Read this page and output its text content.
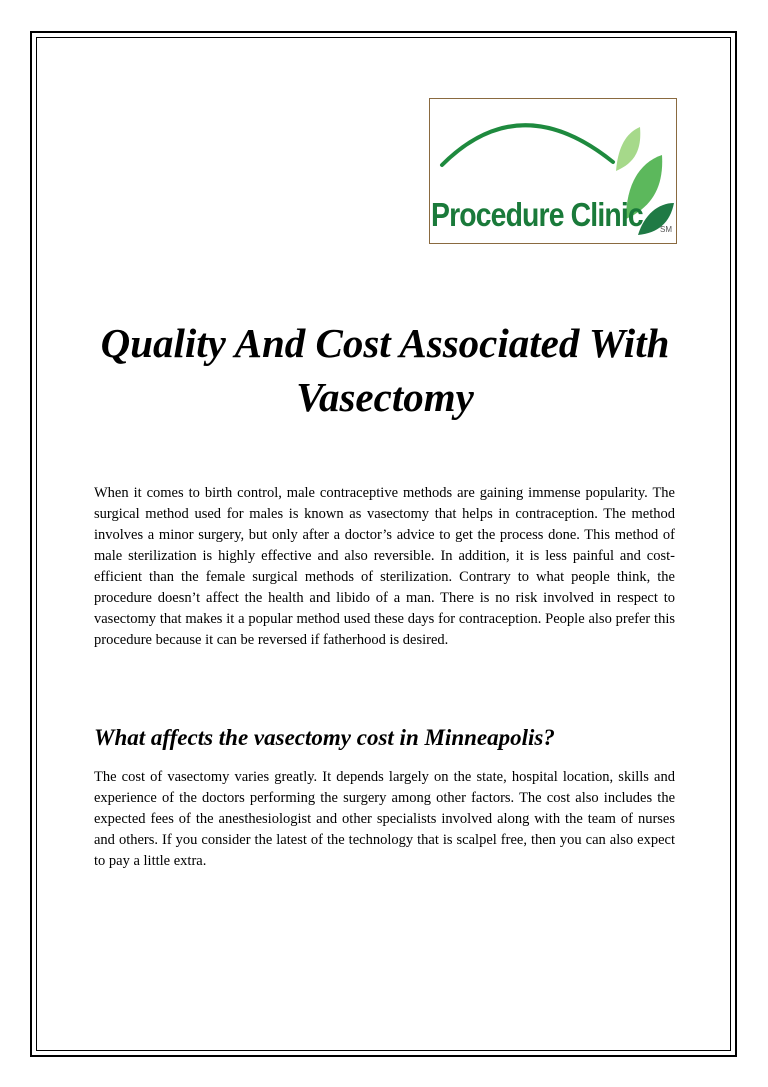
Procedure Clinic SM
Quality And Cost Associated With Vasectomy

When it comes to birth control, male contraceptive methods are gaining immense popularity. The surgical method used for males is known as vasectomy that helps in contraception. The method involves a minor surgery, but only after a doctor’s advice to get the process done. This method of male sterilization is highly effective and also reversible. In addition, it is less painful and cost-efficient than the female surgical methods of sterilization. Contrary to what people think, the procedure doesn’t affect the health and libido of a man. There is no risk involved in respect to vasectomy that makes it a popular method used these days for contraception. People also prefer this procedure because it can be reversed if fatherhood is desired.

What affects the vasectomy cost in Minneapolis?

The cost of vasectomy varies greatly. It depends largely on the state, hospital location, skills and experience of the doctors performing the surgery among other factors. The cost also includes the expected fees of the anesthesiologist and other specialists involved along with the team of nurses and others. If you consider the latest of the technology that is scalpel free, then you can also expect to pay a little extra.
